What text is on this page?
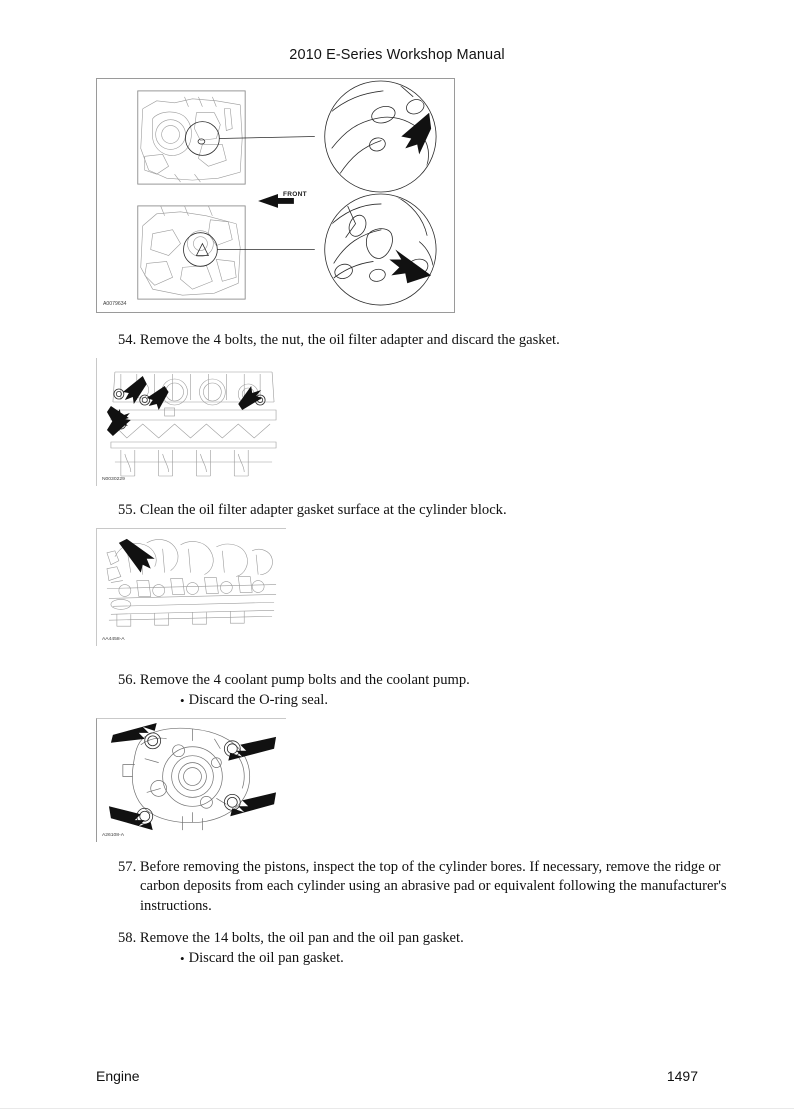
2010 E-Series Workshop Manual
A0079634
FRONT
N0030229
AA4458-A
A26108-A
54. Remove the 4 bolts, the nut, the oil filter adapter and discard the gasket.
55. Clean the oil filter adapter gasket surface at the cylinder block.
56. Remove the 4 coolant pump bolts and the coolant pump.
• Discard the O-ring seal.
57. Before removing the pistons, inspect the top of the cylinder bores. If necessary, remove the ridge or carbon deposits from each cylinder using an abrasive pad or equivalent following the manufacturer's instructions.
58. Remove the 14 bolts, the oil pan and the oil pan gasket.
• Discard the oil pan gasket.
Engine	1497
